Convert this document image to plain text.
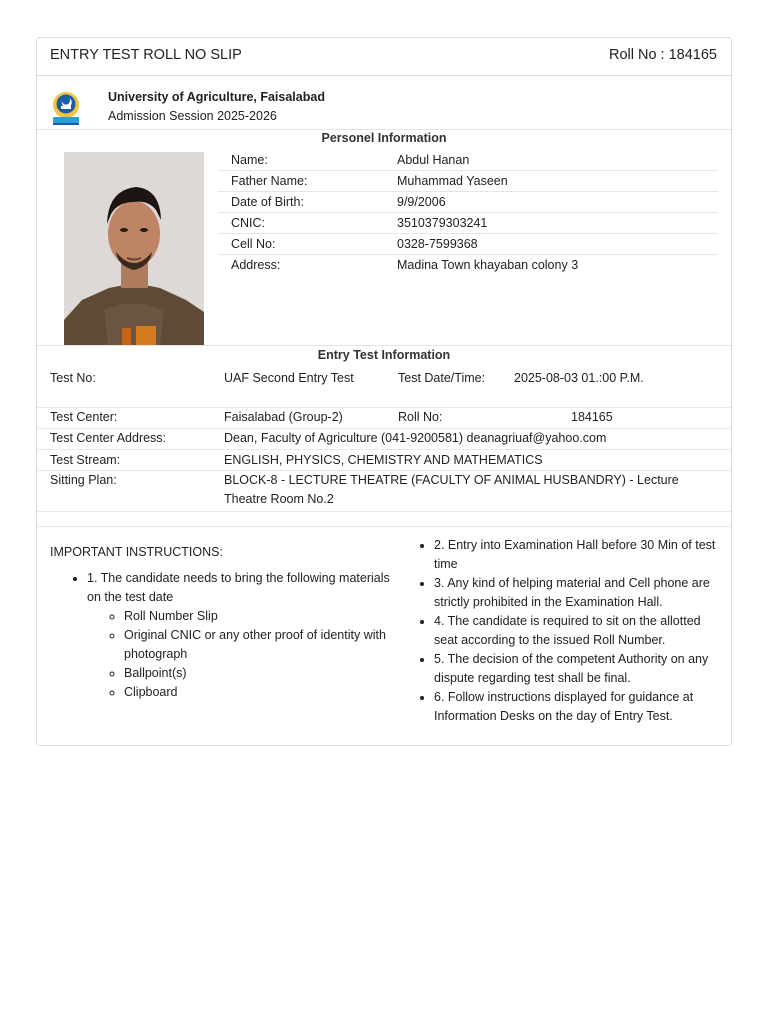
ENTRY TEST ROLL NO SLIP	Roll No : 184165
University of Agriculture, Faisalabad
Admission Session 2025-2026
Personel Information
Name:	Abdul Hanan
Father Name:	Muhammad Yaseen
Date of Birth:	9/9/2006
CNIC:	3510379303241
Cell No:	0328-7599368
Address:	Madina Town khayaban colony 3
Entry Test Information
Test No:	UAF Second Entry Test	Test Date/Time: 2025-08-03 01.:00 P.M.
Test Center:	Faisalabad (Group-2)	Roll No:	184165
Test Center Address:	Dean, Faculty of Agriculture (041-9200581) deanagriuaf@yahoo.com
Test Stream:	ENGLISH, PHYSICS, CHEMISTRY AND MATHEMATICS
Sitting Plan:	BLOCK-8 - LECTURE THEATRE (FACULTY OF ANIMAL HUSBANDRY) - Lecture Theatre Room No.2
IMPORTANT INSTRUCTIONS:
• 1. The candidate needs to bring the following materials on the test date
◦ Roll Number Slip
◦ Original CNIC or any other proof of identity with photograph
◦ Ballpoint(s)
◦ Clipboard
• 2. Entry into Examination Hall before 30 Min of test time
• 3. Any kind of helping material and Cell phone are strictly prohibited in the Examination Hall.
• 4. The candidate is required to sit on the allotted seat according to the issued Roll Number.
• 5. The decision of the competent Authority on any dispute regarding test shall be final.
• 6. Follow instructions displayed for guidance at Information Desks on the day of Entry Test.
